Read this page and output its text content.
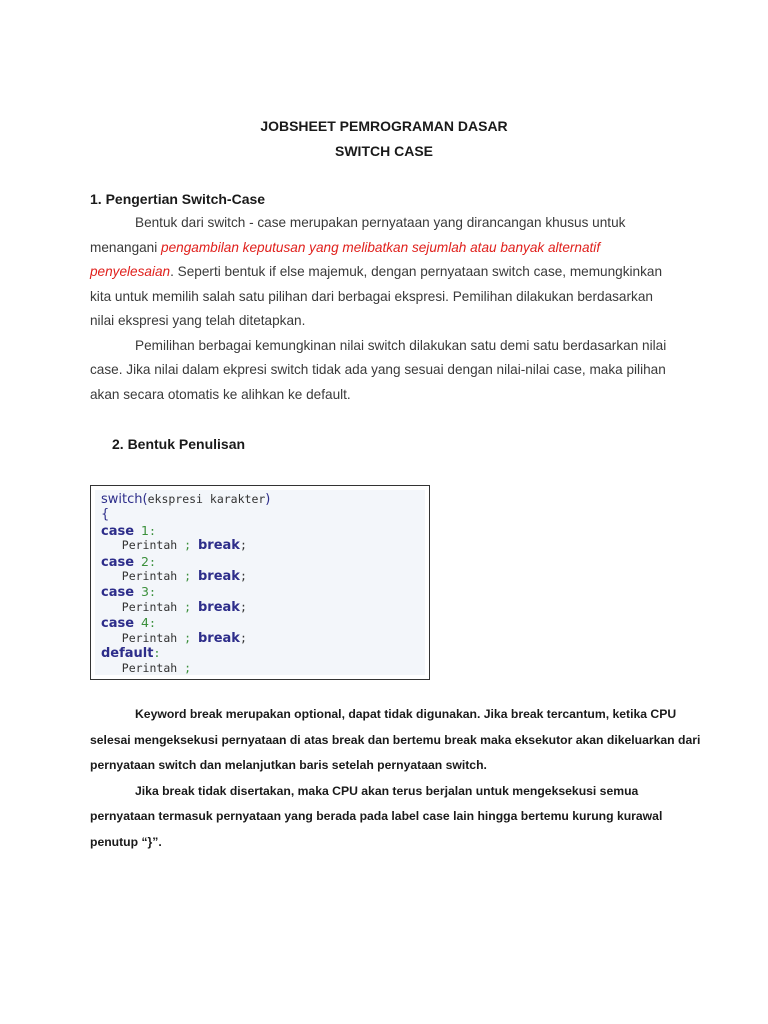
JOBSHEET PEMROGRAMAN DASAR
SWITCH CASE
1. Pengertian Switch-Case
Bentuk dari switch - case merupakan pernyataan yang dirancangan khusus untuk
menangani pengambilan keputusan yang melibatkan sejumlah atau banyak alternatif
penyelesaian. Seperti bentuk if else majemuk, dengan pernyataan switch case, memungkinkan
kita untuk memilih salah satu pilihan dari berbagai ekspresi. Pemilihan dilakukan berdasarkan
nilai ekspresi yang telah ditetapkan.
Pemilihan berbagai kemungkinan nilai switch dilakukan satu demi satu berdasarkan nilai
case. Jika nilai dalam ekpresi switch tidak ada yang sesuai dengan nilai-nilai case, maka pilihan
akan secara otomatis ke alihkan ke default.
2. Bentuk Penulisan
switch(ekspresi karakter)
{
case 1:
Perintah ; break;
case 2:
Perintah ; break;
case 3:
Perintah ; break;
case 4:
Perintah ; break;
default:
Perintah ;
Keyword break merupakan optional, dapat tidak digunakan. Jika break tercantum, ketika CPU
selesai mengeksekusi pernyataan di atas break dan bertemu break maka eksekutor akan dikeluarkan dari
pernyataan switch dan melanjutkan baris setelah pernyataan switch.
Jika break tidak disertakan, maka CPU akan terus berjalan untuk mengeksekusi semua
pernyataan termasuk pernyataan yang berada pada label case lain hingga bertemu kurung kurawal
penutup “}”.
